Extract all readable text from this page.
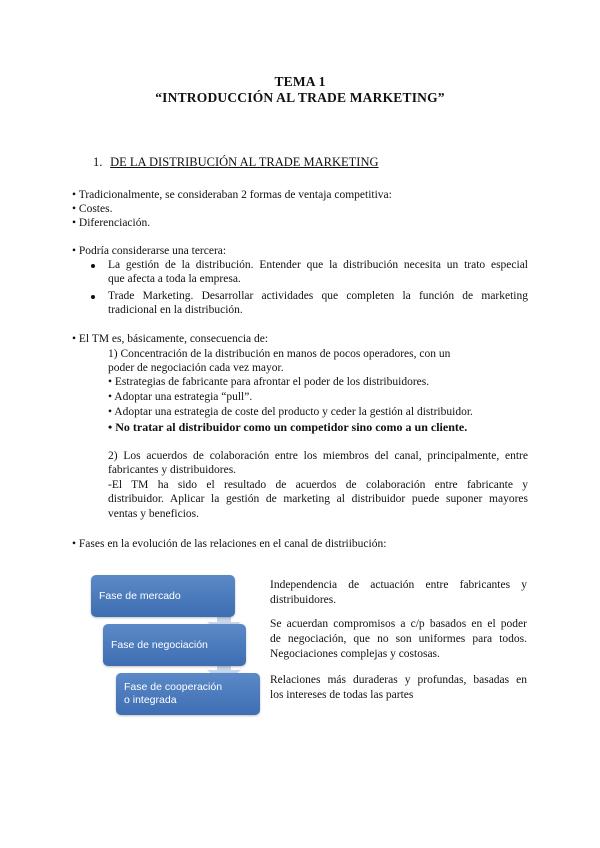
TEMA 1
“INTRODUCCIÓN AL TRADE MARKETING”
1. DE LA DISTRIBUCIÓN AL TRADE MARKETING
• Tradicionalmente, se consideraban 2 formas de ventaja competitiva:
• Costes.
• Diferenciación.
• Podría considerarse una tercera:
La gestión de la distribución. Entender que la distribución necesita un trato especial
que afecta a toda la empresa.
Trade Marketing. Desarrollar actividades que completen la función de marketing
tradicional en la distribución.
• El TM es, básicamente, consecuencia de:
1) Concentración de la distribución en manos de pocos operadores, con un
poder de negociación cada vez mayor.
• Estrategias de fabricante para afrontar el poder de los distribuidores.
• Adoptar una estrategia “pull”.
• Adoptar una estrategia de coste del producto y ceder la gestión al distribuidor.
• No tratar al distribuidor como un competidor sino como a un cliente.
2) Los acuerdos de colaboración entre los miembros del canal, principalmente, entre
fabricantes y distribuidores.
-El TM ha sido el resultado de acuerdos de colaboración entre fabricante y
distribuidor. Aplicar la gestión de marketing al distribuidor puede suponer mayores
ventas y beneficios.
• Fases en la evolución de las relaciones en el canal de distriibución:
Fase de mercado
Fase de negociación
Fase de cooperación
o integrada
Independencia de actuación entre fabricantes y
distribuidores.
Se acuerdan compromisos a c/p basados en el poder
de negociación, que no son uniformes para todos.
Negociaciones complejas y costosas.
Relaciones más duraderas y profundas, basadas en
los intereses de todas las partes
